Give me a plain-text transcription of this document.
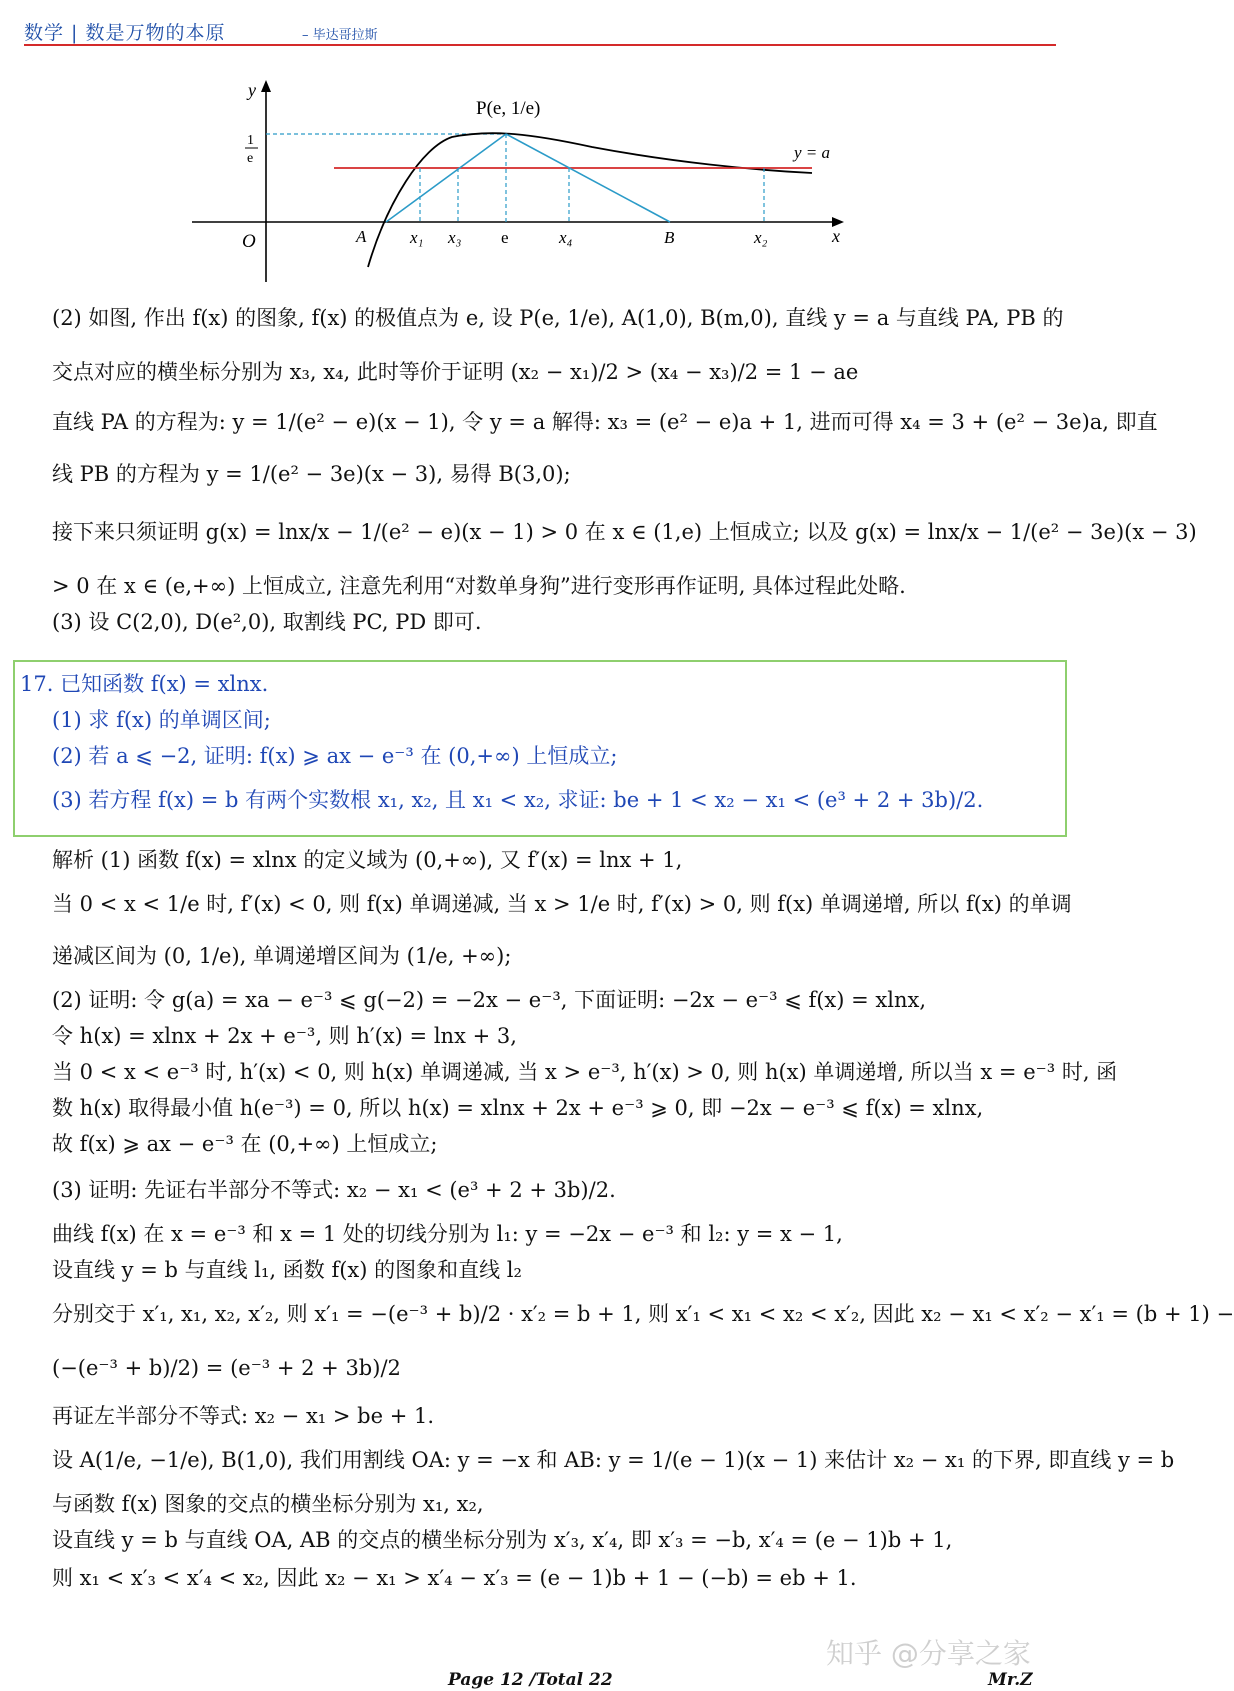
数学 | 数是万物的本原	– 毕达哥拉斯
y
x
O
1
e	y = a
P(e, 1/e)
A	x₁ x₃ e	x₄	B	x₂
(2) 如图, 作出 f(x) 的图象, f(x) 的极值点为 e, 设 P(e, 1/e), A(1,0), B(m,0), 直线 y = a 与直线 PA, PB 的
交点对应的横坐标分别为 x₃, x₄, 此时等价于证明 (x₂ − x₁)/2 > (x₄ − x₃)/2 = 1 − ae
直线 PA 的方程为: y = 1/(e² − e)(x − 1), 令 y = a 解得: x₃ = (e² − e)a + 1, 进而可得 x₄ = 3 + (e² − 3e)a, 即直
线 PB 的方程为 y = 1/(e² − 3e)(x − 3), 易得 B(3,0);
接下来只须证明 g(x) = lnx/x − 1/(e² − e)(x − 1) > 0 在 x ∈ (1,e) 上恒成立; 以及 g(x) = lnx/x − 1/(e² − 3e)(x − 3)
> 0 在 x ∈ (e,+∞) 上恒成立, 注意先利用“对数单身狗”进行变形再作证明, 具体过程此处略.
(3) 设 C(2,0), D(e²,0), 取割线 PC, PD 即可.
17. 已知函数 f(x) = xlnx.
(1) 求 f(x) 的单调区间;
(2) 若 a ⩽ −2, 证明: f(x) ⩾ ax − e⁻³ 在 (0,+∞) 上恒成立;
(3) 若方程 f(x) = b 有两个实数根 x₁, x₂, 且 x₁ < x₂, 求证: be + 1 < x₂ − x₁ < (e³ + 2 + 3b)/2.
解析 (1) 函数 f(x) = xlnx 的定义域为 (0,+∞), 又 f′(x) = lnx + 1,
当 0 < x < 1/e 时, f′(x) < 0, 则 f(x) 单调递减, 当 x > 1/e 时, f′(x) > 0, 则 f(x) 单调递增, 所以 f(x) 的单调
递减区间为 (0, 1/e), 单调递增区间为 (1/e, +∞);
(2) 证明: 令 g(a) = xa − e⁻³ ⩽ g(−2) = −2x − e⁻³, 下面证明: −2x − e⁻³ ⩽ f(x) = xlnx,
令 h(x) = xlnx + 2x + e⁻³, 则 h′(x) = lnx + 3,
当 0 < x < e⁻³ 时, h′(x) < 0, 则 h(x) 单调递减, 当 x > e⁻³, h′(x) > 0, 则 h(x) 单调递增, 所以当 x = e⁻³ 时, 函
数 h(x) 取得最小值 h(e⁻³) = 0, 所以 h(x) = xlnx + 2x + e⁻³ ⩾ 0, 即 −2x − e⁻³ ⩽ f(x) = xlnx,
故 f(x) ⩾ ax − e⁻³ 在 (0,+∞) 上恒成立;
(3) 证明: 先证右半部分不等式: x₂ − x₁ < (e³ + 2 + 3b)/2.
曲线 f(x) 在 x = e⁻³ 和 x = 1 处的切线分别为 l₁: y = −2x − e⁻³ 和 l₂: y = x − 1,
设直线 y = b 与直线 l₁, 函数 f(x) 的图象和直线 l₂
分别交于 x′₁, x₁, x₂, x′₂, 则 x′₁ = −(e⁻³ + b)/2 · x′₂ = b + 1, 则 x′₁ < x₁ < x₂ < x′₂, 因此 x₂ − x₁ < x′₂ − x′₁ = (b + 1) −
(−(e⁻³ + b)/2) = (e⁻³ + 2 + 3b)/2
再证左半部分不等式: x₂ − x₁ > be + 1.
设 A(1/e, −1/e), B(1,0), 我们用割线 OA: y = −x 和 AB: y = 1/(e − 1)(x − 1) 来估计 x₂ − x₁ 的下界, 即直线 y = b
与函数 f(x) 图象的交点的横坐标分别为 x₁, x₂,
设直线 y = b 与直线 OA, AB 的交点的横坐标分别为 x′₃, x′₄, 即 x′₃ = −b, x′₄ = (e − 1)b + 1,
则 x₁ < x′₃ < x′₄ < x₂, 因此 x₂ − x₁ > x′₄ − x′₃ = (e − 1)b + 1 − (−b) = eb + 1.
知乎 @分享之家
Page 12 /Total 22	Mr.Z
